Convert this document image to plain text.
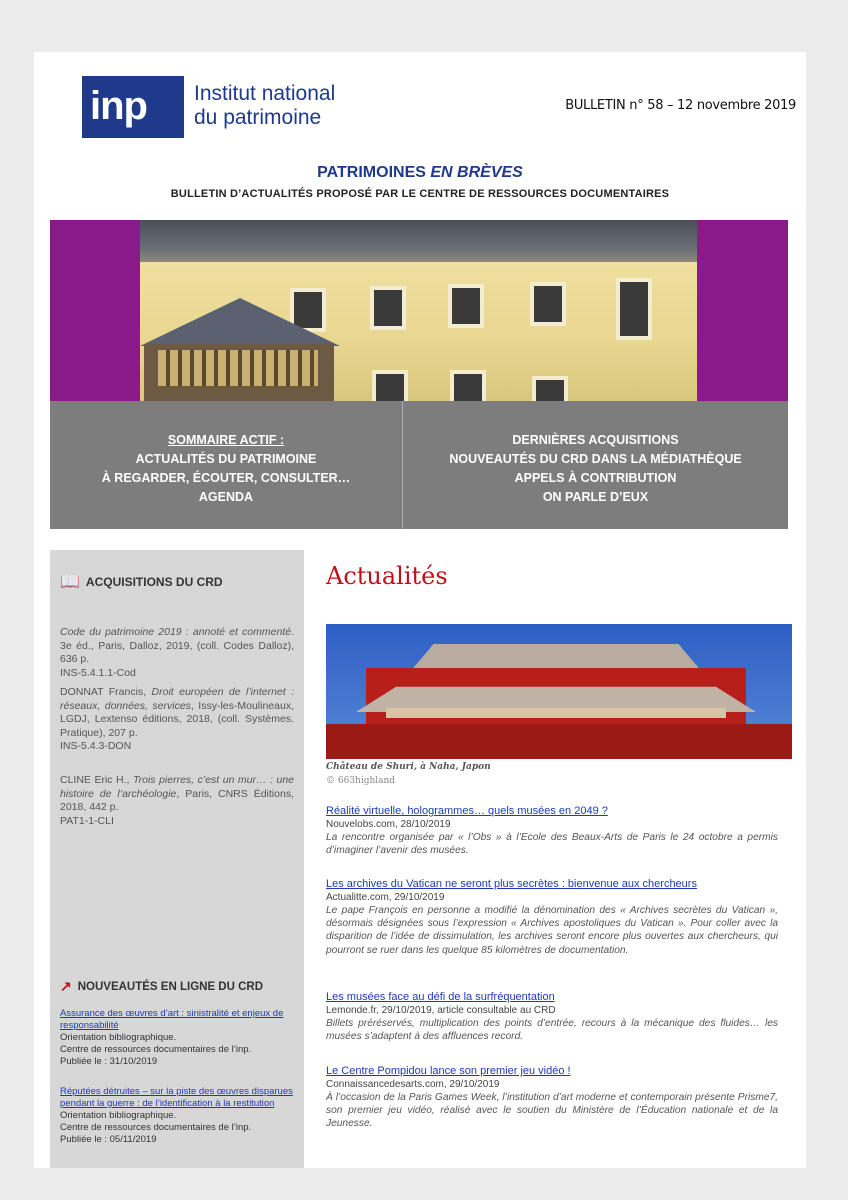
inp	Institut national
du patrimoine
BULLETIN n° 58 – 12 novembre 2019
PATRIMOINES EN BRÈVES
BULLETIN D’ACTUALITÉS PROPOSÉ PAR LE CENTRE DE RESSOURCES DOCUMENTAIRES
SOMMAIRE ACTIF :
ACTUALITÉS DU PATRIMOINE
À REGARDER, ÉCOUTER, CONSULTER…
AGENDA
DERNIÈRES ACQUISITIONS
NOUVEAUTÉS DU CRD DANS LA MÉDIATHÈQUE
APPELS À CONTRIBUTION
ON PARLE D’EUX
📖 ACQUISITIONS DU CRD
Code du patrimoine 2019 : annoté et commenté. 3e éd., Paris, Dalloz, 2019, (coll. Codes Dalloz), 636 p.
INS-5.4.1.1-Cod
DONNAT Francis, Droit européen de l’internet : réseaux, données, services, Issy-les-Moulineaux, LGDJ, Lextenso éditions, 2018, (coll. Systèmes. Pratique), 207 p.
INS-5.4.3-DON
CLINE Eric H., Trois pierres, c’est un mur… : une histoire de l’archéologie, Paris, CNRS Éditions, 2018, 442 p.
PAT1-1-CLI
↗ NOUVEAUTÉS EN LIGNE DU CRD
Assurance des œuvres d’art : sinistralité et enjeux de responsabilité
Orientation bibliographique.
Centre de ressources documentaires de l’inp.
Publiée le : 31/10/2019
Réputées détruites – sur la piste des œuvres disparues pendant la guerre : de l’identification à la restitution
Orientation bibliographique.
Centre de ressources documentaires de l’inp.
Publiée le : 05/11/2019
Actualités
Château de Shuri, à Naha, Japon
© 663highland
Réalité virtuelle, hologrammes… quels musées en 2049 ?
Nouvelobs.com, 28/10/2019
La rencontre organisée par « l’Obs » à l’Ecole des Beaux-Arts de Paris le 24 octobre a permis d’imaginer l’avenir des musées.
Les archives du Vatican ne seront plus secrètes : bienvenue aux chercheurs
Actualitte.com, 29/10/2019
Le pape François en personne a modifié la dénomination des « Archives secrètes du Vatican », désormais désignées sous l’expression « Archives apostoliques du Vatican ». Pour coller avec la disparition de l’idée de dissimulation, les archives seront encore plus ouvertes aux chercheurs, qui pourront se ruer dans les quelque 85 kilomètres de documentation.
Les musées face au défi de la surfréquentation
Lemonde.fr, 29/10/2019, article consultable au CRD
Billets préréservés, multiplication des points d’entrée, recours à la mécanique des fluides… les musées s’adaptent à des affluences record.
Le Centre Pompidou lance son premier jeu vidéo !
Connaissancedesarts.com, 29/10/2019
À l’occasion de la Paris Games Week, l’institution d’art moderne et contemporain présente Prisme7, son premier jeu vidéo, réalisé avec le soutien du Ministère de l’Éducation nationale et de la Jeunesse.
